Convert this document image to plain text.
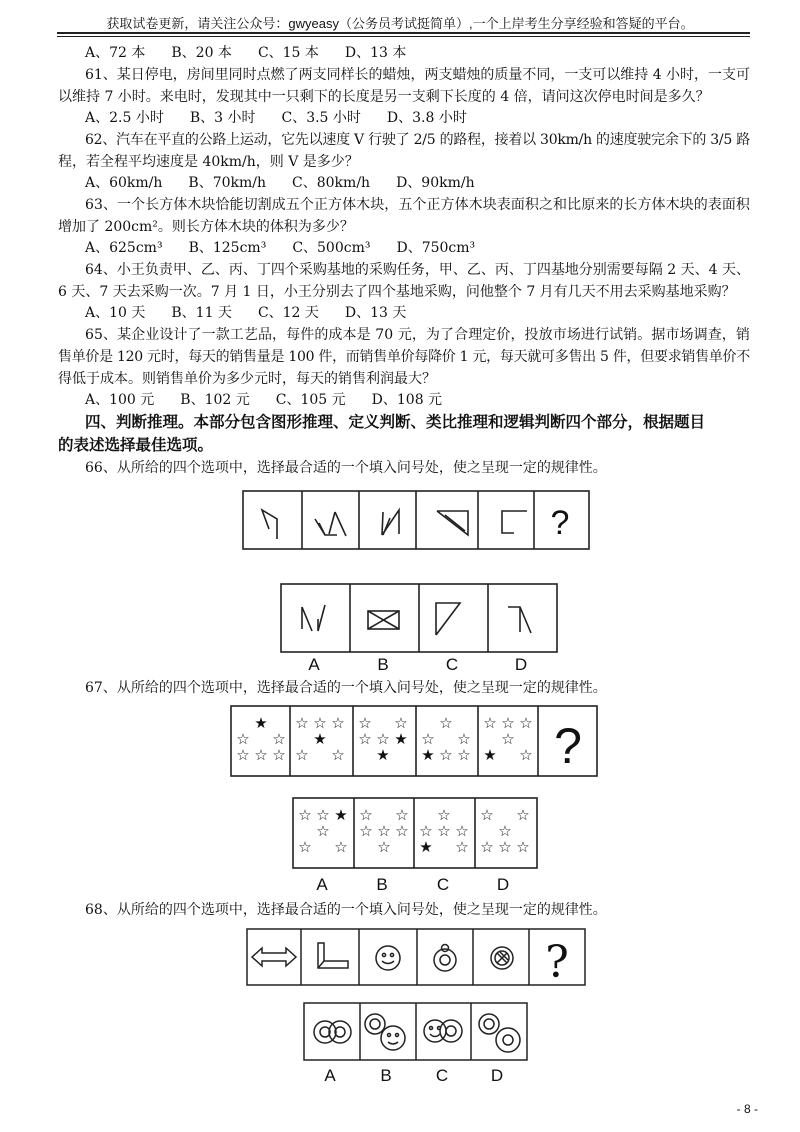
获取试卷更新，请关注公众号：gwyeasy（公务员考试挺简单）,一个上岸考生分享经验和答疑的平台。
A、72 本 B、20 本 C、15 本 D、13 本
61、某日停电，房间里同时点燃了两支同样长的蜡烛，两支蜡烛的质量不同，一支可以维持 4 小时，一支可
以维持 7 小时。来电时，发现其中一只剩下的长度是另一支剩下长度的 4 倍，请问这次停电时间是多久？
A、2.5 小时 B、3 小时 C、3.5 小时 D、3.8 小时
62、汽车在平直的公路上运动，它先以速度 V 行驶了 2/5 的路程，接着以 30km/h 的速度驶完余下的 3/5 路
程，若全程平均速度是 40km/h，则 V 是多少？
A、60km/h B、70km/h C、80km/h D、90km/h
63、一个长方体木块恰能切割成五个正方体木块，五个正方体木块表面积之和比原来的长方体木块的表面积
增加了 200cm²。则长方体木块的体积为多少？
A、625cm³ B、125cm³ C、500cm³ D、750cm³
64、小王负责甲、乙、丙、丁四个采购基地的采购任务，甲、乙、丙、丁四基地分别需要每隔 2 天、4 天、
6 天、7 天去采购一次。7 月 1 日，小王分别去了四个基地采购，问他整个 7 月有几天不用去采购基地采购？
A、10 天 B、11 天 C、12 天 D、13 天
65、某企业设计了一款工艺品，每件的成本是 70 元，为了合理定价，投放市场进行试销。据市场调查，销
售单价是 120 元时，每天的销售量是 100 件，而销售单价每降价 1 元，每天就可多售出 5 件，但要求销售单价不
得低于成本。则销售单价为多少元时，每天的销售利润最大？
A、100 元 B、102 元 C、105 元 D、108 元
四、判断推理。本部分包含图形推理、定义判断、类比推理和逻辑判断四个部分，根据题目
的表述选择最佳选项。
66、从所给的四个选项中，选择最合适的一个填入问号处，使之呈现一定的规律性。
?
A	B	C	D
67、从所给的四个选项中，选择最合适的一个填入问号处，使之呈现一定的规律性。
?
★
☆ ☆
☆ ☆ ☆
☆ ☆ ☆
★
☆ ☆
☆ ☆
☆ ☆ ★
★
☆
☆ ☆
★ ☆ ☆
☆ ☆ ☆
☆
★ ☆
☆ ☆ ★
☆
☆ ☆
☆ ☆
☆ ☆ ☆
☆
☆
☆ ☆ ☆
★ ☆
☆ ☆
☆
☆ ☆ ☆
A	B	C	D
68、从所给的四个选项中，选择最合适的一个填入问号处，使之呈现一定的规律性。
?
A	B	C	D
- 8 -
